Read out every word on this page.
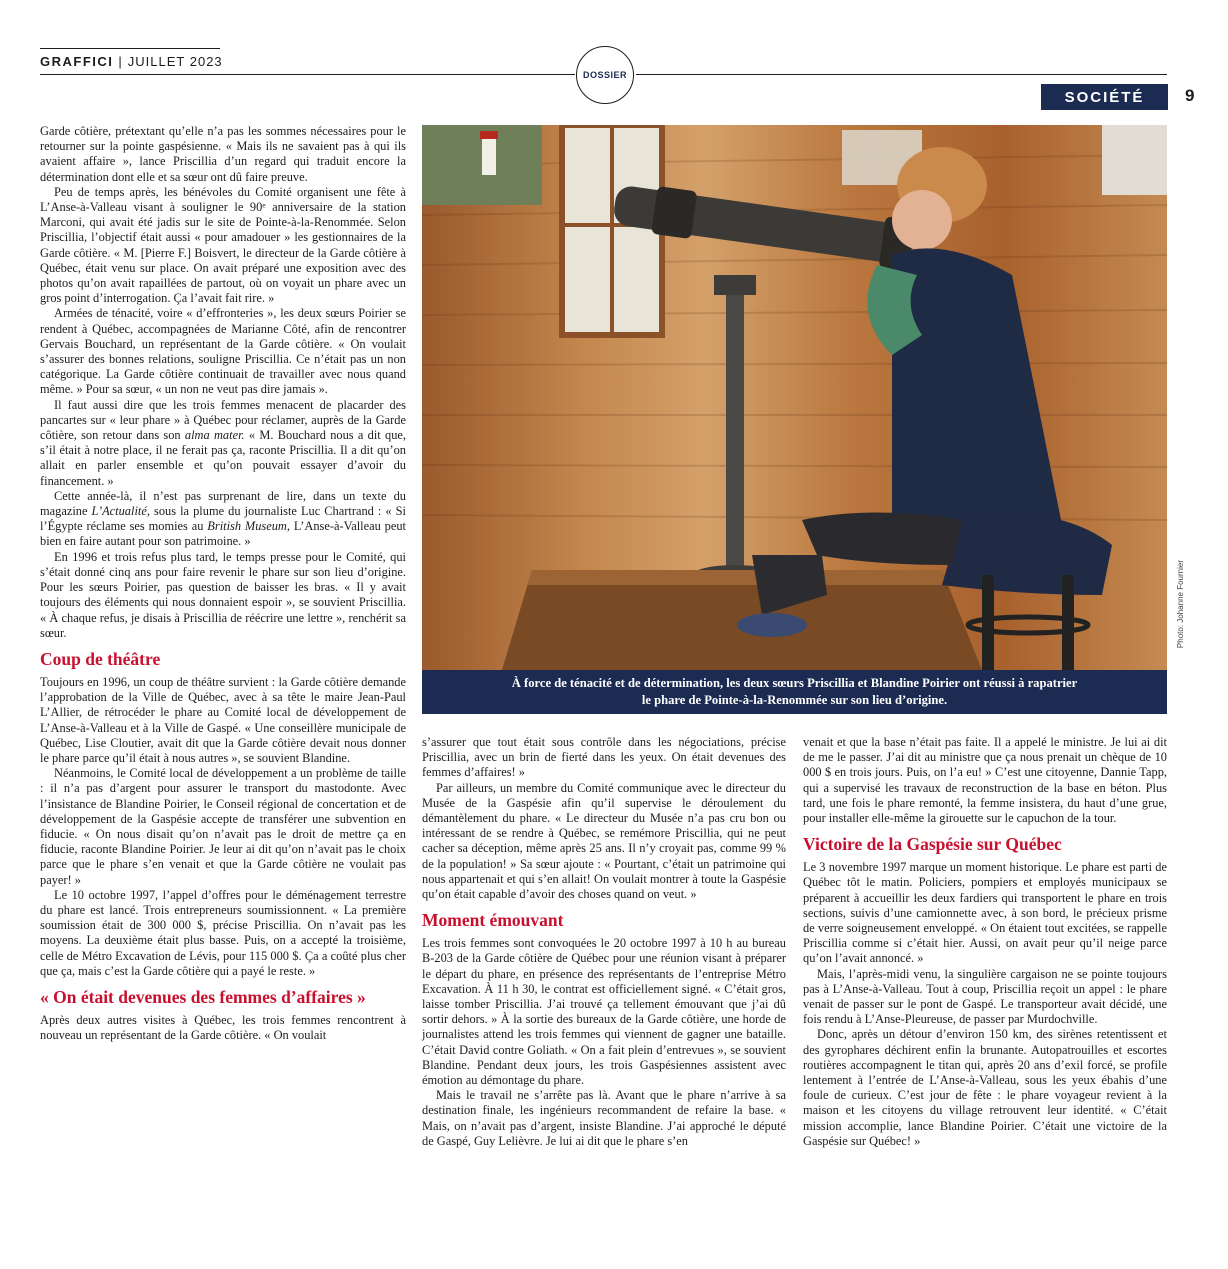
GRAFFICI | JUILLET 2023
DOSSIER
SOCIÉTÉ	9

Garde côtière, prétextant qu’elle n’a pas les sommes nécessaires pour le retourner sur la pointe gaspésienne. « Mais ils ne savaient pas à qui ils avaient affaire », lance Priscillia d’un regard qui traduit encore la détermination dont elle et sa sœur ont dû faire preuve.

Peu de temps après, les bénévoles du Comité organisent une fête à L’Anse-à-Valleau visant à souligner le 90ᵉ anniversaire de la station Marconi, qui avait été jadis sur le site de Pointe-à-la-Renommée. Selon Priscillia, l’objectif était aussi « pour amadouer » les gestionnaires de la Garde côtière. « M. [Pierre F.] Boisvert, le directeur de la Garde côtière à Québec, était venu sur place. On avait préparé une exposition avec des photos qu’on avait rapaillées de partout, où on voyait un phare avec un gros point d’interrogation. Ça l’avait fait rire. »

Armées de ténacité, voire « d’effronteries », les deux sœurs Poirier se rendent à Québec, accompagnées de Marianne Côté, afin de rencontrer Gervais Bouchard, un représentant de la Garde côtière. « On voulait s’assurer des bonnes relations, souligne Priscillia. Ce n’était pas un non catégorique. La Garde côtière continuait de travailler avec nous quand même. » Pour sa sœur, « un non ne veut pas dire jamais ».

Il faut aussi dire que les trois femmes menacent de placarder des pancartes sur « leur phare » à Québec pour réclamer, auprès de la Garde côtière, son retour dans son alma mater. « M. Bouchard nous a dit que, s’il était à notre place, il ne ferait pas ça, raconte Priscillia. Il a dit qu’on allait en parler ensemble et qu’on pouvait essayer d’avoir du financement. »

Cette année-là, il n’est pas surprenant de lire, dans un texte du magazine L’Actualité, sous la plume du journaliste Luc Chartrand : « Si l’Égypte réclame ses momies au British Museum, L’Anse-à-Valleau peut bien en faire autant pour son patrimoine. »

En 1996 et trois refus plus tard, le temps presse pour le Comité, qui s’était donné cinq ans pour faire revenir le phare sur son lieu d’origine. Pour les sœurs Poirier, pas question de baisser les bras. « Il y avait toujours des éléments qui nous donnaient espoir », se souvient Priscillia. « À chaque refus, je disais à Priscillia de réécrire une lettre », renchérit sa sœur.

Coup de théâtre

Toujours en 1996, un coup de théâtre survient : la Garde côtière demande l’approbation de la Ville de Québec, avec à sa tête le maire Jean-Paul L’Allier, de rétrocéder le phare au Comité local de développement de L’Anse-à-Valleau et à la Ville de Gaspé. « Une conseillère municipale de Québec, Lise Cloutier, avait dit que la Garde côtière devait nous donner le phare parce qu’il était à nous autres », se souvient Blandine.

Néanmoins, le Comité local de développement a un problème de taille : il n’a pas d’argent pour assurer le transport du mastodonte. Avec l’insistance de Blandine Poirier, le Conseil régional de concertation et de développement de la Gaspésie accepte de transférer une subvention en fiducie. « On nous disait qu’on n’avait pas le droit de mettre ça en fiducie, raconte Blandine Poirier. Je leur ai dit qu’on n’avait pas le choix parce que le phare s’en venait et que la Garde côtière ne voulait pas payer! »

Le 10 octobre 1997, l’appel d’offres pour le déménagement terrestre du phare est lancé. Trois entrepreneurs soumissionnent. « La première soumission était de 300 000 $, précise Priscillia. On n’avait pas les moyens. La deuxième était plus basse. Puis, on a accepté la troisième, celle de Métro Excavation de Lévis, pour 115 000 $. Ça a coûté plus cher que ça, mais c’est la Garde côtière qui a payé le reste. »

« On était devenues des femmes d’affaires »

Après deux autres visites à Québec, les trois femmes rencontrent à nouveau un représentant de la Garde côtière. « On voulait

À force de ténacité et de détermination, les deux sœurs Priscillia et Blandine Poirier ont réussi à rapatrier
le phare de Pointe-à-la-Renommée sur son lieu d’origine.
Photo: Johanne Fournier

s’assurer que tout était sous contrôle dans les négociations, précise Priscillia, avec un brin de fierté dans les yeux. On était devenues des femmes d’affaires! »

Par ailleurs, un membre du Comité communique avec le directeur du Musée de la Gaspésie afin qu’il supervise le déroulement du démantèlement du phare. « Le directeur du Musée n’a pas cru bon ou intéressant de se rendre à Québec, se remémore Priscillia, qui ne peut cacher sa déception, même après 25 ans. Il n’y croyait pas, comme 99 % de la population! » Sa sœur ajoute : « Pourtant, c’était un patrimoine qui nous appartenait et qui s’en allait! On voulait montrer à toute la Gaspésie qu’on était capable d’avoir des choses quand on veut. »

Moment émouvant

Les trois femmes sont convoquées le 20 octobre 1997 à 10 h au bureau B-203 de la Garde côtière de Québec pour une réunion visant à préparer le départ du phare, en présence des représentants de l’entreprise Métro Excavation. À 11 h 30, le contrat est officiellement signé. « C’était gros, laisse tomber Priscillia. J’ai trouvé ça tellement émouvant que j’ai dû sortir dehors. » À la sortie des bureaux de la Garde côtière, une horde de journalistes attend les trois femmes qui viennent de gagner une bataille. C’était David contre Goliath. « On a fait plein d’entrevues », se souvient Blandine. Pendant deux jours, les trois Gaspésiennes assistent avec émotion au démontage du phare.

Mais le travail ne s’arrête pas là. Avant que le phare n’arrive à sa destination finale, les ingénieurs recommandent de refaire la base. « Mais, on n’avait pas d’argent, insiste Blandine. J’ai approché le député de Gaspé, Guy Lelièvre. Je lui ai dit que le phare s’en

venait et que la base n’était pas faite. Il a appelé le ministre. Je lui ai dit de me le passer. J’ai dit au ministre que ça nous prenait un chèque de 10 000 $ en trois jours. Puis, on l’a eu! » C’est une citoyenne, Dannie Tapp, qui a supervisé les travaux de reconstruction de la base en béton. Plus tard, une fois le phare remonté, la femme insistera, du haut d’une grue, pour installer elle-même la girouette sur le capuchon de la tour.

Victoire de la Gaspésie sur Québec

Le 3 novembre 1997 marque un moment historique. Le phare est parti de Québec tôt le matin. Policiers, pompiers et employés municipaux se préparent à accueillir les deux fardiers qui transportent le phare en trois sections, suivis d’une camionnette avec, à son bord, le précieux prisme de verre soigneusement enveloppé. « On étaient tout excitées, se rappelle Priscillia comme si c’était hier. Aussi, on avait peur qu’il neige parce qu’on l’avait annoncé. »

Mais, l’après-midi venu, la singulière cargaison ne se pointe toujours pas à L’Anse-à-Valleau. Tout à coup, Priscillia reçoit un appel : le phare venait de passer sur le pont de Gaspé. Le transporteur avait décidé, une fois rendu à L’Anse-Pleureuse, de passer par Murdochville.

Donc, après un détour d’environ 150 km, des sirènes retentissent et des gyrophares déchirent enfin la brunante. Autopatrouilles et escortes routières accompagnent le titan qui, après 20 ans d’exil forcé, se profile lentement à l’entrée de L’Anse-à-Valleau, sous les yeux ébahis d’une foule de curieux. C’est jour de fête : le phare voyageur revient à la maison et les citoyens du village retrouvent leur identité. « C’était mission accomplie, lance Blandine Poirier. C’était une victoire de la Gaspésie sur Québec! »
